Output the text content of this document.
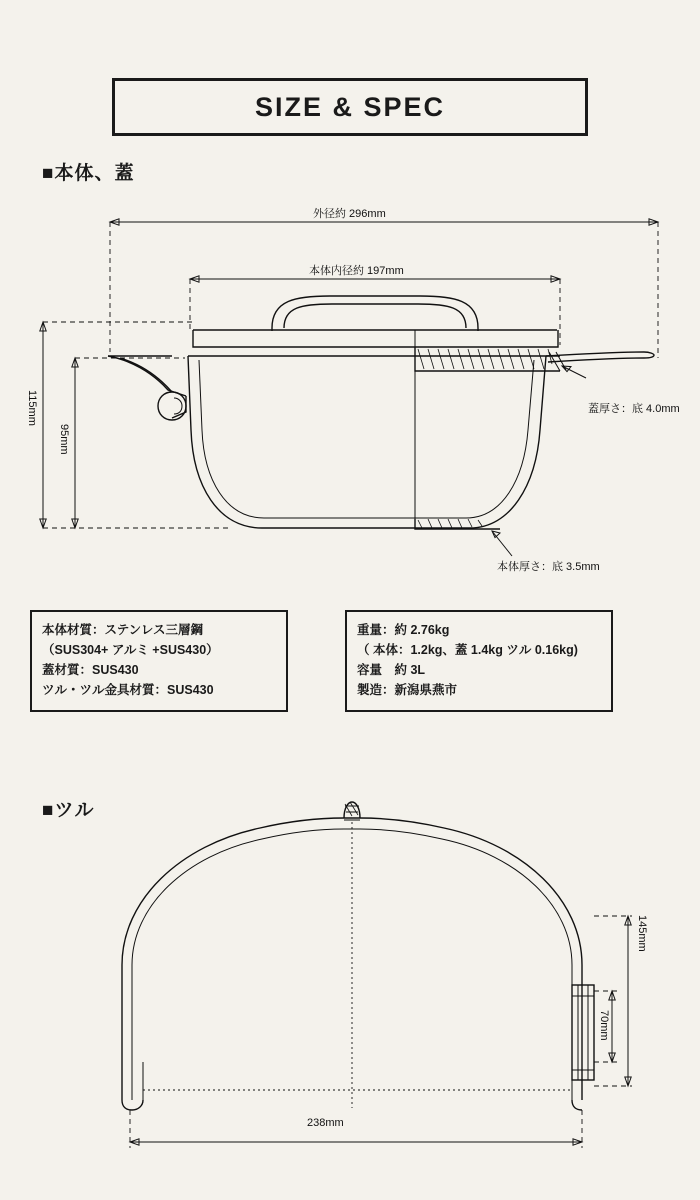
SIZE & SPEC
■本体、蓋
■ツル
外径約 296mm
本体内径約 197mm
115mm
95mm
蓋厚さ：底 4.0mm
本体厚さ：底 3.5mm
145mm
70mm
238mm
本体材質：ステンレス三層鋼
（SUS304+ アルミ +SUS430）
蓋材質：SUS430
ツル・ツル金具材質：SUS430
重量：約 2.76kg
（ 本体：1.2kg、蓋 1.4kg ツル 0.16kg)
容量　約 3L
製造：新潟県燕市
